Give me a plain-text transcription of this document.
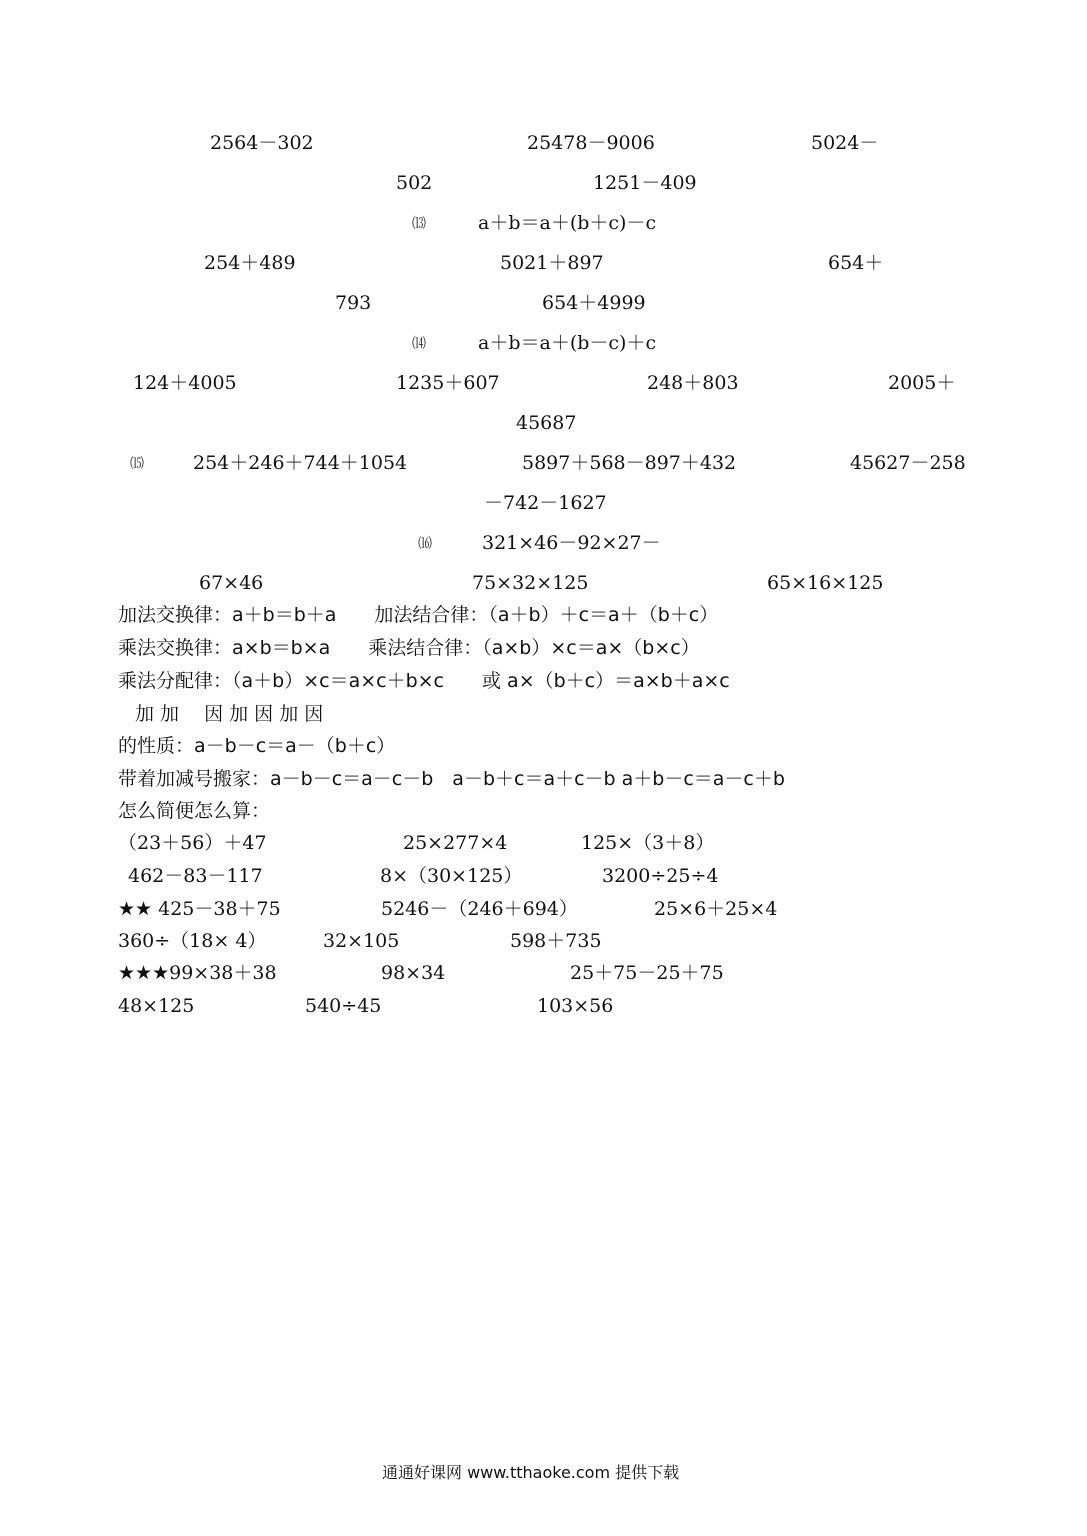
2564－302	25478－9006	5024－
502	1251－409
⒀	a＋b＝a＋(b＋c)－c
254＋489	5021＋897	654＋
793	654＋4999
⒁	a＋b＝a＋(b－c)＋c
124＋4005	1235＋607	248＋803	2005＋
45687
⒂	254＋246＋744＋1054	5897＋568－897＋432	45627－258
－742－1627
⒃	321×46－92×27－
67×46	75×32×125	65×16×125
加法交换律：a＋b＝b＋a　　加法结合律：（a＋b）＋c＝a＋（b＋c）
乘法交换律：a×b＝b×a　　乘法结合律：（a×b）×c＝a×（b×c）
乘法分配律：（a＋b）×c＝a×c＋b×c　　或 a×（b＋c）＝a×b＋a×c
加 加　 因 加 因 加 因
的性质：a－b－c＝a－（b＋c）
带着加减号搬家：a－b－c＝a－c－b　a－b＋c＝a＋c－b a＋b－c＝a－c＋b
怎么简便怎么算：
（23＋56）＋47	25×277×4	125×（3＋8）
462－83－117	8×（30×125）	3200÷25÷4
★★ 425－38＋75	5246－（246＋694）	25×6＋25×4
360÷（18× 4）	32×105	598＋735
★★★99×38＋38	98×34	25＋75－25＋75
48×125	540÷45	103×56
通通好课网 www.tthaoke.com 提供下载
